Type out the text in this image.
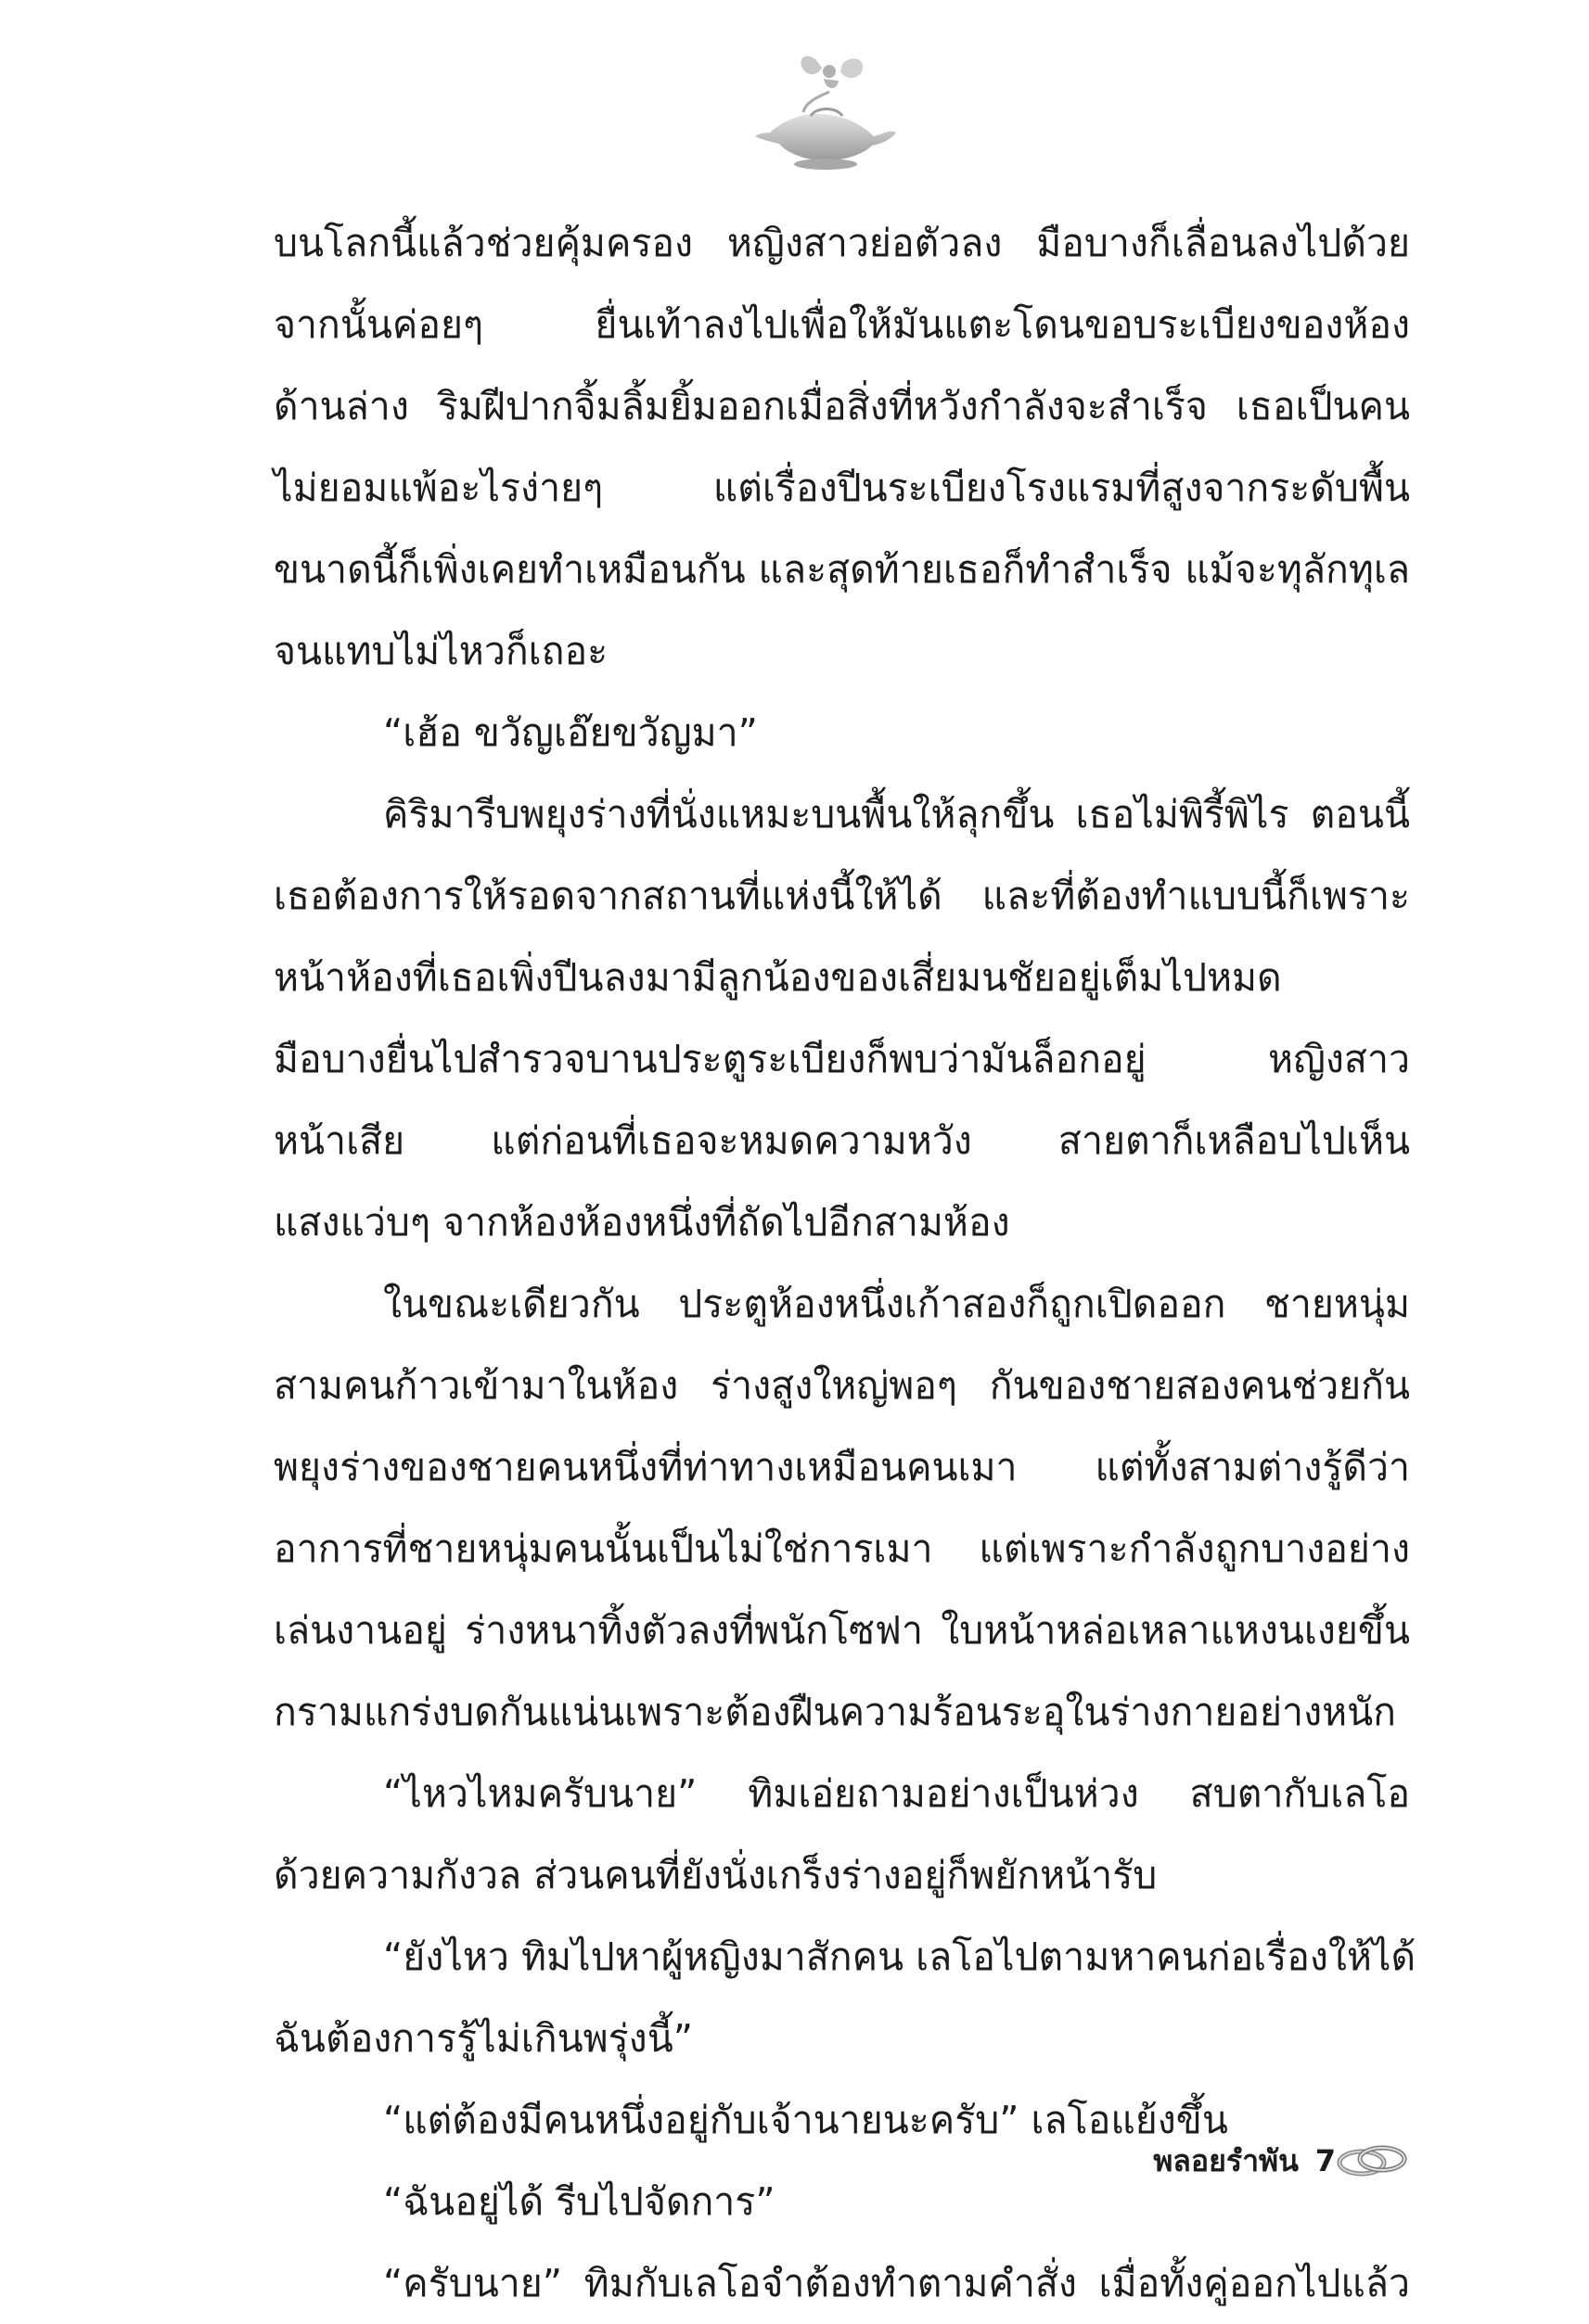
บนโลกนี้แล้วช่วยคุ้มครอง หญิงสาวย่อตัวลง มือบางก็เลื่อนลงไปด้วย
จากนั้นค่อยๆ ยื่นเท้าลงไปเพื่อให้มันแตะโดนขอบระเบียงของห้อง
ด้านล่าง ริมฝีปากจิ้มลิ้มยิ้มออกเมื่อสิ่งที่หวังกำลังจะสำเร็จ เธอเป็นคน
ไม่ยอมแพ้อะไรง่ายๆ แต่เรื่องปีนระเบียงโรงแรมที่สูงจากระดับพื้น
ขนาดนี้ก็เพิ่งเคยทำเหมือนกัน และสุดท้ายเธอก็ทำสำเร็จ แม้จะทุลักทุเล
จนแทบไม่ไหวก็เถอะ
“เฮ้อ ขวัญเอ๊ยขวัญมา”
คิริมารีบพยุงร่างที่นั่งแหมะบนพื้นให้ลุกขึ้น เธอไม่พิรี้พิไร ตอนนี้
เธอต้องการให้รอดจากสถานที่แห่งนี้ให้ได้ และที่ต้องทำแบบนี้ก็เพราะ
หน้าห้องที่เธอเพิ่งปีนลงมามีลูกน้องของเสี่ยมนชัยอยู่เต็มไปหมด
มือบางยื่นไปสำรวจบานประตูระเบียงก็พบว่ามันล็อกอยู่ หญิงสาว
หน้าเสีย แต่ก่อนที่เธอจะหมดความหวัง สายตาก็เหลือบไปเห็น
แสงแว่บๆ จากห้องห้องหนึ่งที่ถัดไปอีกสามห้อง
ในขณะเดียวกัน ประตูห้องหนึ่งเก้าสองก็ถูกเปิดออก ชายหนุ่ม
สามคนก้าวเข้ามาในห้อง ร่างสูงใหญ่พอๆ กันของชายสองคนช่วยกัน
พยุงร่างของชายคนหนึ่งที่ท่าทางเหมือนคนเมา แต่ทั้งสามต่างรู้ดีว่า
อาการที่ชายหนุ่มคนนั้นเป็นไม่ใช่การเมา แต่เพราะกำลังถูกบางอย่าง
เล่นงานอยู่ ร่างหนาทิ้งตัวลงที่พนักโซฟา ใบหน้าหล่อเหลาแหงนเงยขึ้น
กรามแกร่งบดกันแน่นเพราะต้องฝืนความร้อนระอุในร่างกายอย่างหนัก
“ไหวไหมครับนาย” ทิมเอ่ยถามอย่างเป็นห่วง สบตากับเลโอ
ด้วยความกังวล ส่วนคนที่ยังนั่งเกร็งร่างอยู่ก็พยักหน้ารับ
“ยังไหว ทิมไปหาผู้หญิงมาสักคน เลโอไปตามหาคนก่อเรื่องให้ได้
ฉันต้องการรู้ไม่เกินพรุ่งนี้”
“แต่ต้องมีคนหนึ่งอยู่กับเจ้านายนะครับ” เลโอแย้งขึ้น
“ฉันอยู่ได้ รีบไปจัดการ”
“ครับนาย” ทิมกับเลโอจำต้องทำตามคำสั่ง เมื่อทั้งคู่ออกไปแล้ว
พลอยรำพัน 7
